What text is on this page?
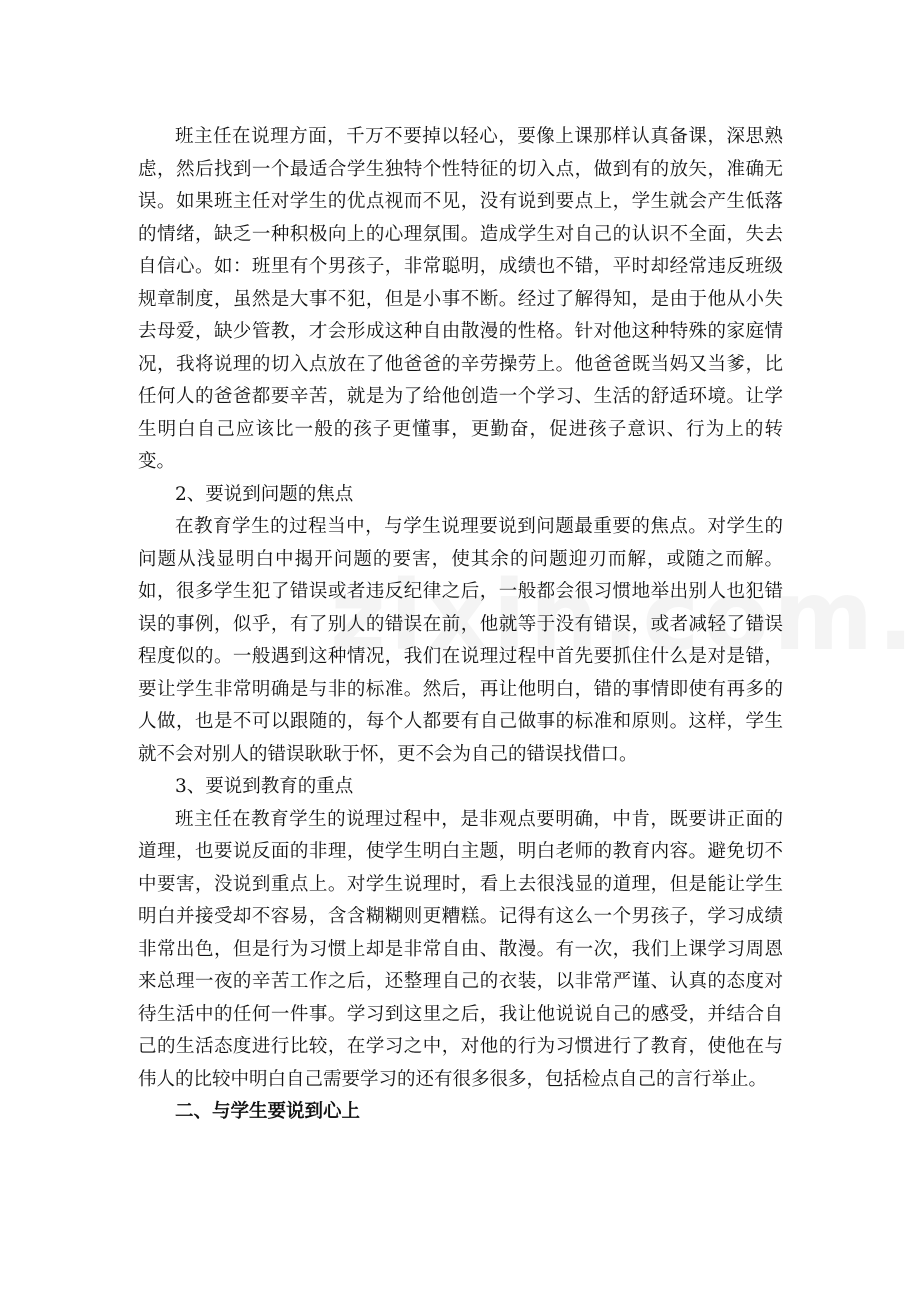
班主任在说理方面，千万不要掉以轻心，要像上课那样认真备课，深思熟虑，然后找到一个最适合学生独特个性特征的切入点，做到有的放矢，准确无误。如果班主任对学生的优点视而不见，没有说到要点上，学生就会产生低落的情绪，缺乏一种积极向上的心理氛围。造成学生对自己的认识不全面，失去自信心。如：班里有个男孩子，非常聪明，成绩也不错，平时却经常违反班级规章制度，虽然是大事不犯，但是小事不断。经过了解得知，是由于他从小失去母爱，缺少管教，才会形成这种自由散漫的性格。针对他这种特殊的家庭情况，我将说理的切入点放在了他爸爸的辛劳操劳上。他爸爸既当妈又当爹，比任何人的爸爸都要辛苦，就是为了给他创造一个学习、生活的舒适环境。让学生明白自己应该比一般的孩子更懂事，更勤奋，促进孩子意识、行为上的转变。

2、要说到问题的焦点

在教育学生的过程当中，与学生说理要说到问题最重要的焦点。对学生的问题从浅显明白中揭开问题的要害，使其余的问题迎刃而解，或随之而解。如，很多学生犯了错误或者违反纪律之后，一般都会很习惯地举出别人也犯错误的事例，似乎，有了别人的错误在前，他就等于没有错误，或者减轻了错误程度似的。一般遇到这种情况，我们在说理过程中首先要抓住什么是对是错，要让学生非常明确是与非的标准。然后，再让他明白，错的事情即使有再多的人做，也是不可以跟随的，每个人都要有自己做事的标准和原则。这样，学生就不会对别人的错误耿耿于怀，更不会为自己的错误找借口。

3、要说到教育的重点

班主任在教育学生的说理过程中，是非观点要明确，中肯，既要讲正面的道理，也要说反面的非理，使学生明白主题，明白老师的教育内容。避免切不中要害，没说到重点上。对学生说理时，看上去很浅显的道理，但是能让学生明白并接受却不容易，含含糊糊则更糟糕。记得有这么一个男孩子，学习成绩非常出色，但是行为习惯上却是非常自由、散漫。有一次，我们上课学习周恩来总理一夜的辛苦工作之后，还整理自己的衣装，以非常严谨、认真的态度对待生活中的任何一件事。学习到这里之后，我让他说说自己的感受，并结合自己的生活态度进行比较，在学习之中，对他的行为习惯进行了教育，使他在与伟人的比较中明白自己需要学习的还有很多很多，包括检点自己的言行举止。

二、与学生要说到心上
